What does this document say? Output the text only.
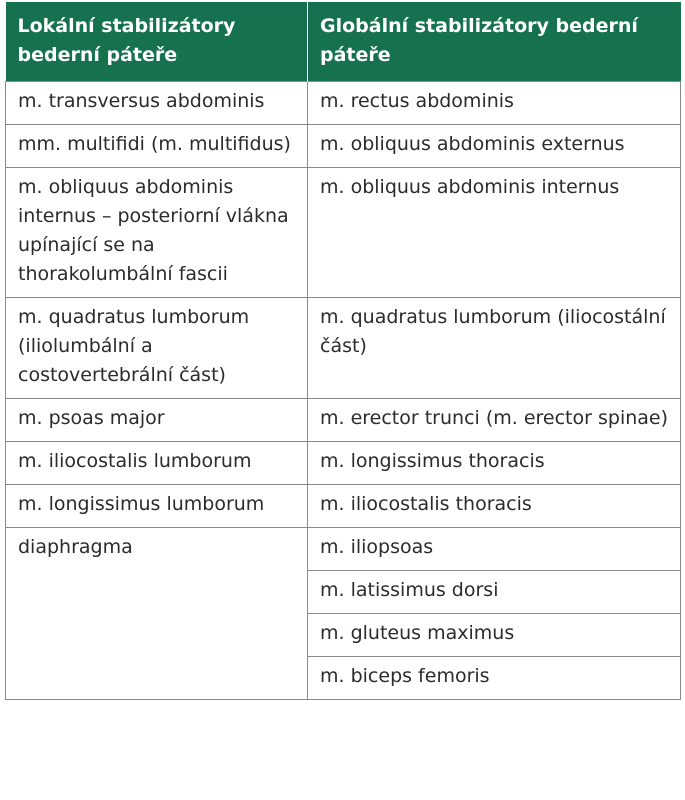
Lokální stabilizátory bederní páteře	Globální stabilizátory bederní páteře
m. transversus abdominis	m. rectus abdominis
mm. multifidi (m. multifidus)	m. obliquus abdominis externus
m. obliquus abdominis internus – posteriorní vlákna upínající se na thorakolumbální fascii	m. obliquus abdominis internus
m. quadratus lumborum (iliolumbální a costovertebrální část)	m. quadratus lumborum (iliocostální část)
m. psoas major	m. erector trunci (m. erector spinae)
m. iliocostalis lumborum	m. longissimus thoracis
m. longissimus lumborum	m. iliocostalis thoracis
diaphragma	m. iliopsoas
	m. latissimus dorsi
	m. gluteus maximus
	m. biceps femoris
